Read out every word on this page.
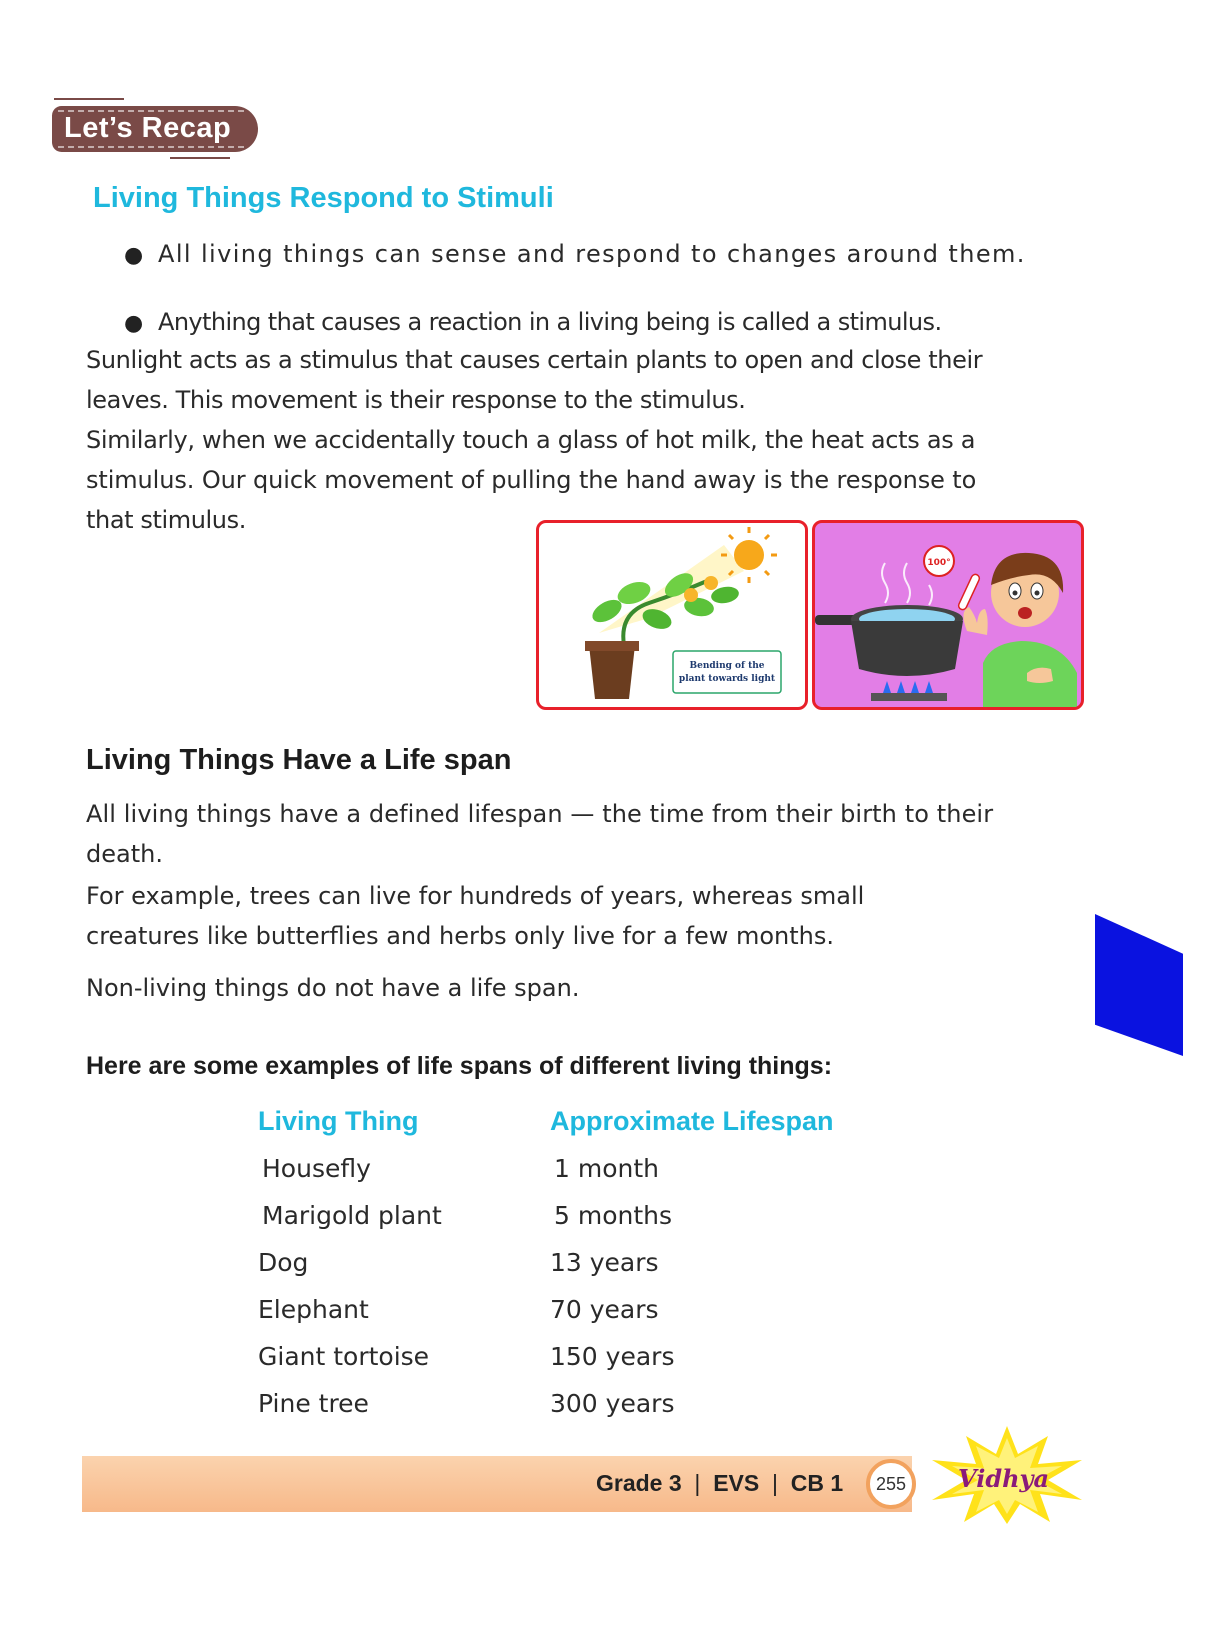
Let’s Recap
Living Things Respond to Stimuli
● All living things can sense and respond to changes around them.
● Anything that causes a reaction in a living being is called a stimulus.
Sunlight acts as a stimulus that causes certain plants to open and close their
leaves. This movement is their response to the stimulus.
Similarly, when we accidentally touch a glass of hot milk, the heat acts as a
stimulus. Our quick movement of pulling the hand away is the response to
that stimulus.
Bending of the
plant towards light
100°
Living Things Have a Life span
All living things have a defined lifespan — the time from their birth to their
death.
For example, trees can live for hundreds of years, whereas small
creatures like butterflies and herbs only live for a few months.
Non-living things do not have a life span.
Here are some examples of life spans of different living things:
Living Thing	Approximate Lifespan
Housefly	1 month
Marigold plant	5 months
Dog	13 years
Elephant	70 years
Giant tortoise	150 years
Pine tree	300 years
Grade 3  |  EVS  |  CB 1 255 Vidhya
